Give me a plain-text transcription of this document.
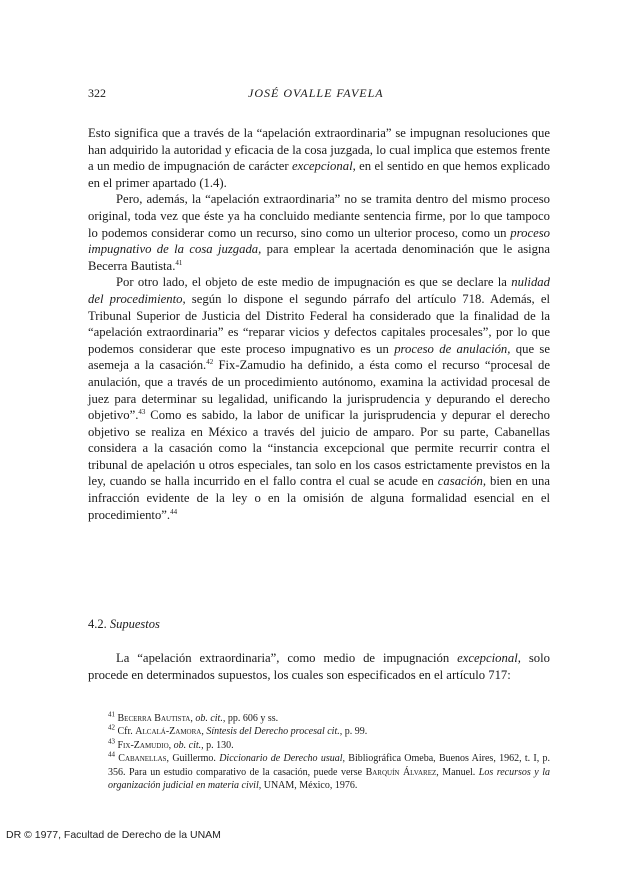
322	JOSÉ OVALLE FAVELA

Esto significa que a través de la “apelación extraordinaria” se impugnan resoluciones que han adquirido la autoridad y eficacia de la cosa juzgada, lo cual implica que estemos frente a un medio de impugnación de carácter excepcional, en el sentido en que hemos explicado en el primer apartado (1.4).

Pero, además, la “apelación extraordinaria” no se tramita dentro del mismo proceso original, toda vez que éste ya ha concluido mediante sentencia firme, por lo que tampoco lo podemos considerar como un recurso, sino como un ulterior proceso, como un proceso impugnativo de la cosa juzgada, para emplear la acertada denominación que le asigna Becerra Bautista.$^{41}$

Por otro lado, el objeto de este medio de impugnación es que se declare la nulidad del procedimiento, según lo dispone el segundo párrafo del artículo 718. Además, el Tribunal Superior de Justicia del Distrito Federal ha considerado que la finalidad de la “apelación extraordinaria” es “reparar vicios y defectos capitales procesales”, por lo que podemos considerar que este proceso impugnativo es un proceso de anulación, que se asemeja a la casación.$^{42}$ Fix-Zamudio ha definido, a ésta como el recurso “procesal de anulación, que a través de un procedimiento autónomo, examina la actividad procesal de juez para determinar su legalidad, unificando la jurisprudencia y depurando el derecho objetivo”.$^{43}$ Como es sabido, la labor de unificar la jurisprudencia y depurar el derecho objetivo se realiza en México a través del juicio de amparo. Por su parte, Cabanellas considera a la casación como la “instancia excepcional que permite recurrir contra el tribunal de apelación u otros especiales, tan solo en los casos estrictamente previstos en la ley, cuando se halla incurrido en el fallo contra el cual se acude en casación, bien en una infracción evidente de la ley o en la omisión de alguna formalidad esencial en el procedimiento”.$^{44}$

4.2. Supuestos

La “apelación extraordinaria”, como medio de impugnación excepcional, solo procede en determinados supuestos, los cuales son especificados en el artículo 717:

$^{41}$ Becerra Bautista, ob. cit., pp. 606 y ss.

$^{42}$ Cfr. Alcalá-Zamora, Síntesis del Derecho procesal cit., p. 99.

$^{43}$ Fix-Zamudio, ob. cit., p. 130.

$^{44}$ Cabanellas, Guillermo. Diccionario de Derecho usual, Bibliográfica Omeba, Buenos Aires, 1962, t. I, p. 356. Para un estudio comparativo de la casación, puede verse Barquín Álvarez, Manuel. Los recursos y la organización judicial en materia civil, UNAM, México, 1976.

DR © 1977, Facultad de Derecho de la UNAM
